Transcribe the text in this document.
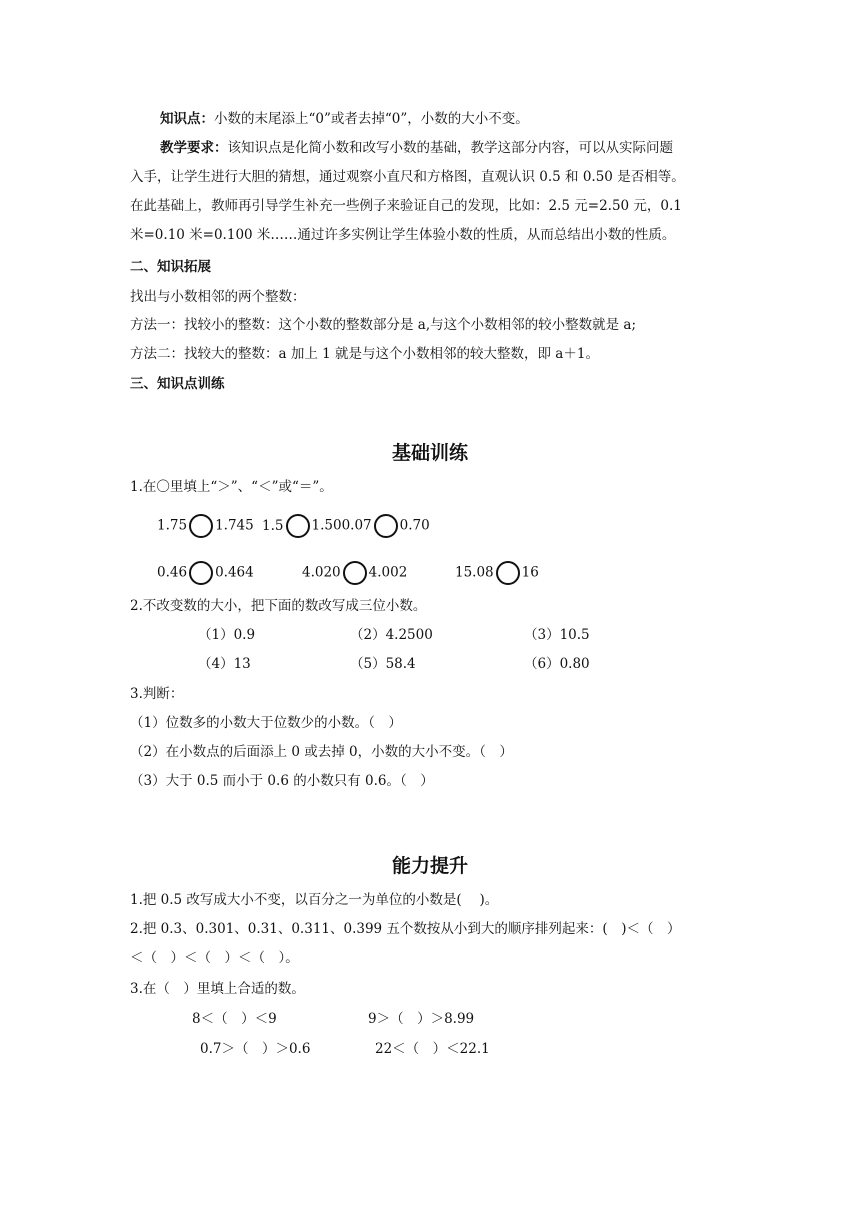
知识点：小数的末尾添上“0”或者去掉“0”，小数的大小不变。
教学要求：该知识点是化简小数和改写小数的基础，教学这部分内容，可以从实际问题
入手，让学生进行大胆的猜想，通过观察小直尺和方格图，直观认识 0.5 和 0.50 是否相等。
在此基础上，教师再引导学生补充一些例子来验证自己的发现，比如：2.5 元=2.50 元，0.1
米=0.10 米=0.100 米……通过许多实例让学生体验小数的性质，从而总结出小数的性质。
二、知识拓展
找出与小数相邻的两个整数：
方法一：找较小的整数：这个小数的整数部分是 a,与这个小数相邻的较小整数就是 a;
方法二：找较大的整数：a 加上 1 就是与这个小数相邻的较大整数，即 a＋1。
三、知识点训练
基础训练
1.在〇里填上“＞”、“＜”或“＝”。
1.75 1.745 1.5 1.500.07 0.70
0.46 0.464	4.020 4.002	15.08 16
2.不改变数的大小，把下面的数改写成三位小数。
（1）0.9	（2）4.2500	（3）10.5
（4）13	（5）58.4	（6）0.80
3.判断：
（1）位数多的小数大于位数少的小数。（　）
（2）在小数点的后面添上 0 或去掉 0，小数的大小不变。（　）
（3）大于 0.5 而小于 0.6 的小数只有 0.6。（　）
能力提升
1.把 0.5 改写成大小不变，以百分之一为单位的小数是(　 )。
2.把 0.3、0.301、0.31、0.311、0.399 五个数按从小到大的顺序排列起来：(　)＜（　）
＜（　）＜（　）＜（　）。
3.在（　）里填上合适的数。
8＜（　）＜9	9＞（　）＞8.99
0.7＞（　）＞0.6	22＜（　）＜22.1
